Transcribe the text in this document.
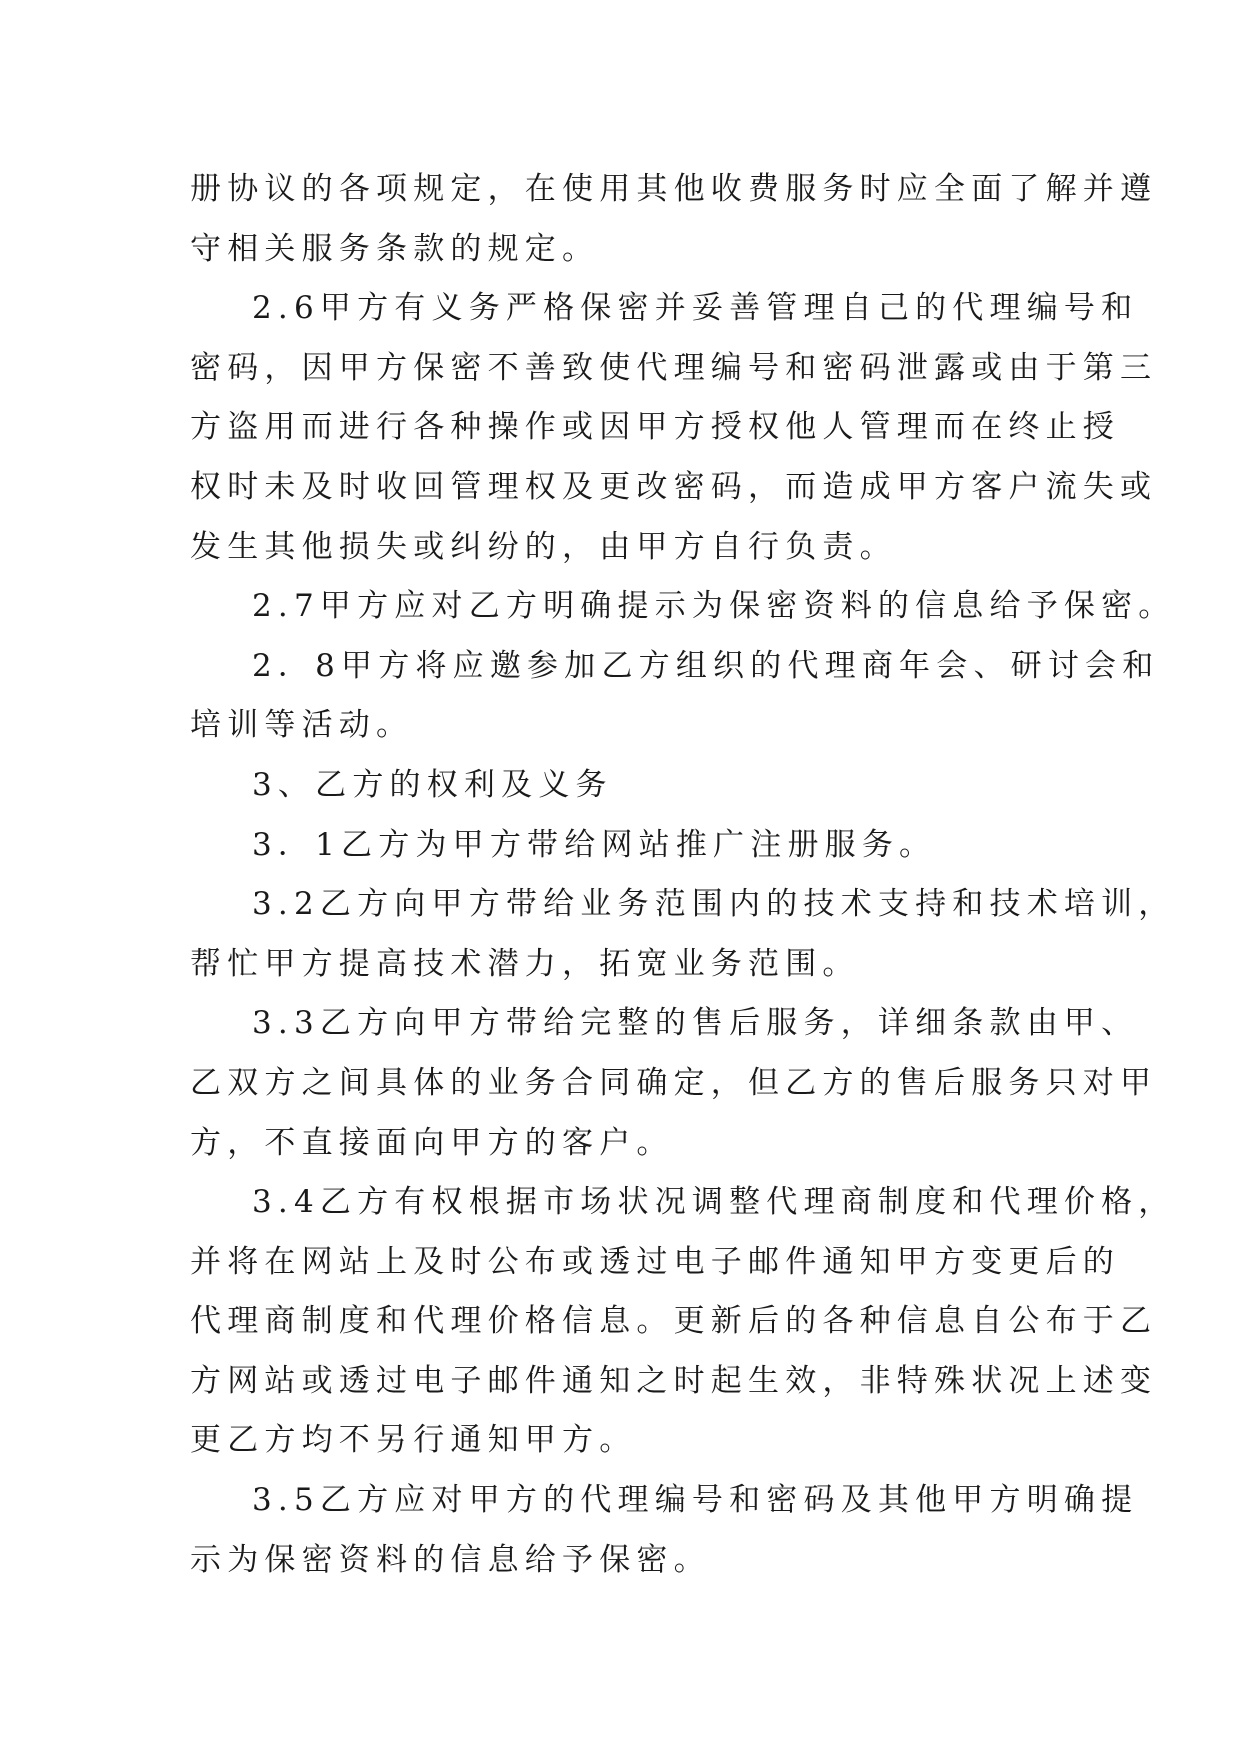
册协议的各项规定，在使用其他收费服务时应全面了解并遵
守相关服务条款的规定。
2.6甲方有义务严格保密并妥善管理自己的代理编号和
密码，因甲方保密不善致使代理编号和密码泄露或由于第三
方盗用而进行各种操作或因甲方授权他人管理而在终止授
权时未及时收回管理权及更改密码，而造成甲方客户流失或
发生其他损失或纠纷的，由甲方自行负责。
2.7甲方应对乙方明确提示为保密资料的信息给予保密。
2．8甲方将应邀参加乙方组织的代理商年会、研讨会和
培训等活动。
3、乙方的权利及义务
3．1乙方为甲方带给网站推广注册服务。
3.2乙方向甲方带给业务范围内的技术支持和技术培训，
帮忙甲方提高技术潜力，拓宽业务范围。
3.3乙方向甲方带给完整的售后服务，详细条款由甲、
乙双方之间具体的业务合同确定，但乙方的售后服务只对甲
方，不直接面向甲方的客户。
3.4乙方有权根据市场状况调整代理商制度和代理价格，
并将在网站上及时公布或透过电子邮件通知甲方变更后的
代理商制度和代理价格信息。更新后的各种信息自公布于乙
方网站或透过电子邮件通知之时起生效，非特殊状况上述变
更乙方均不另行通知甲方。
3.5乙方应对甲方的代理编号和密码及其他甲方明确提
示为保密资料的信息给予保密。
